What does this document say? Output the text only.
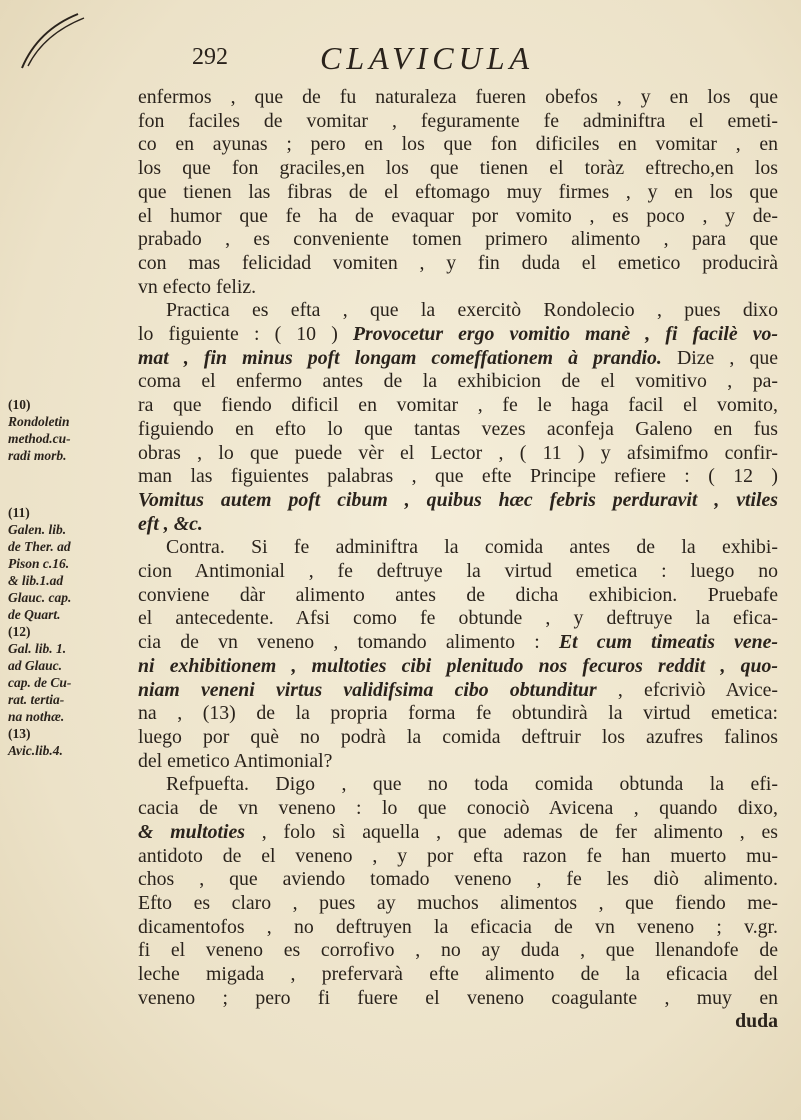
292	CLAVICULA
(10)
Rondoletin
method.cu-
radi morb.
(11)
Galen. lib.
de Ther. ad
Pison c.16.
& lib.1.ad
Glauc. cap.
de Quart.
(12)
Gal. lib. 1.
ad Glauc.
cap. de Cu-
rat. tertia-
na nothæ.
(13)
Avic.lib.4.
enfermos , que de fu naturaleza fueren obefos , y en los que
fon faciles de vomitar , feguramente fe adminiftra el emeti-
co en ayunas ; pero en los que fon dificiles en vomitar , en
los que fon graciles,en los que tienen el toràz eftrecho,en los
que tienen las fibras de el eftomago muy firmes , y en los que
el humor que fe ha de evaquar por vomito , es poco , y de-
prabado , es conveniente tomen primero alimento , para que
con mas felicidad vomiten , y fin duda el emetico producirà
vn efecto feliz.
Practica es efta , que la exercitò Rondolecio , pues dixo
lo figuiente : ( 10 ) Provocetur ergo vomitio manè , fi facilè vo-
mat , fin minus poft longam comeffationem à prandio. Dize , que
coma el enfermo antes de la exhibicion de el vomitivo , pa-
ra que fiendo dificil en vomitar , fe le haga facil el vomito,
figuiendo en efto lo que tantas vezes aconfeja Galeno en fus
obras , lo que puede vèr el Lector , ( 11 ) y afsimifmo confir-
man las figuientes palabras , que efte Principe refiere : ( 12 )
Vomitus autem poft cibum , quibus hæc febris perduravit , vtiles
eft , &c.
Contra. Si fe adminiftra la comida antes de la exhibi-
cion Antimonial , fe deftruye la virtud emetica : luego no
conviene dàr alimento antes de dicha exhibicion. Pruebafe
el antecedente. Afsi como fe obtunde , y deftruye la efica-
cia de vn veneno , tomando alimento : Et cum timeatis vene-
ni exhibitionem , multoties cibi plenitudo nos fecuros reddit , quo-
niam veneni virtus validifsima cibo obtunditur , efcriviò Avice-
na , (13) de la propria forma fe obtundirà la virtud emetica:
luego por què no podrà la comida deftruir los azufres falinos
del emetico Antimonial?
Refpuefta. Digo , que no toda comida obtunda la efi-
cacia de vn veneno : lo que conociò Avicena , quando dixo,
& multoties , folo sì aquella , que ademas de fer alimento , es
antidoto de el veneno , y por efta razon fe han muerto mu-
chos , que aviendo tomado veneno , fe les diò alimento.
Efto es claro , pues ay muchos alimentos , que fiendo me-
dicamentofos , no deftruyen la eficacia de vn veneno ; v.gr.
fi el veneno es corrofivo , no ay duda , que llenandofe de
leche migada , prefervarà efte alimento de la eficacia del
veneno ; pero fi fuere el veneno coagulante , muy en
duda
